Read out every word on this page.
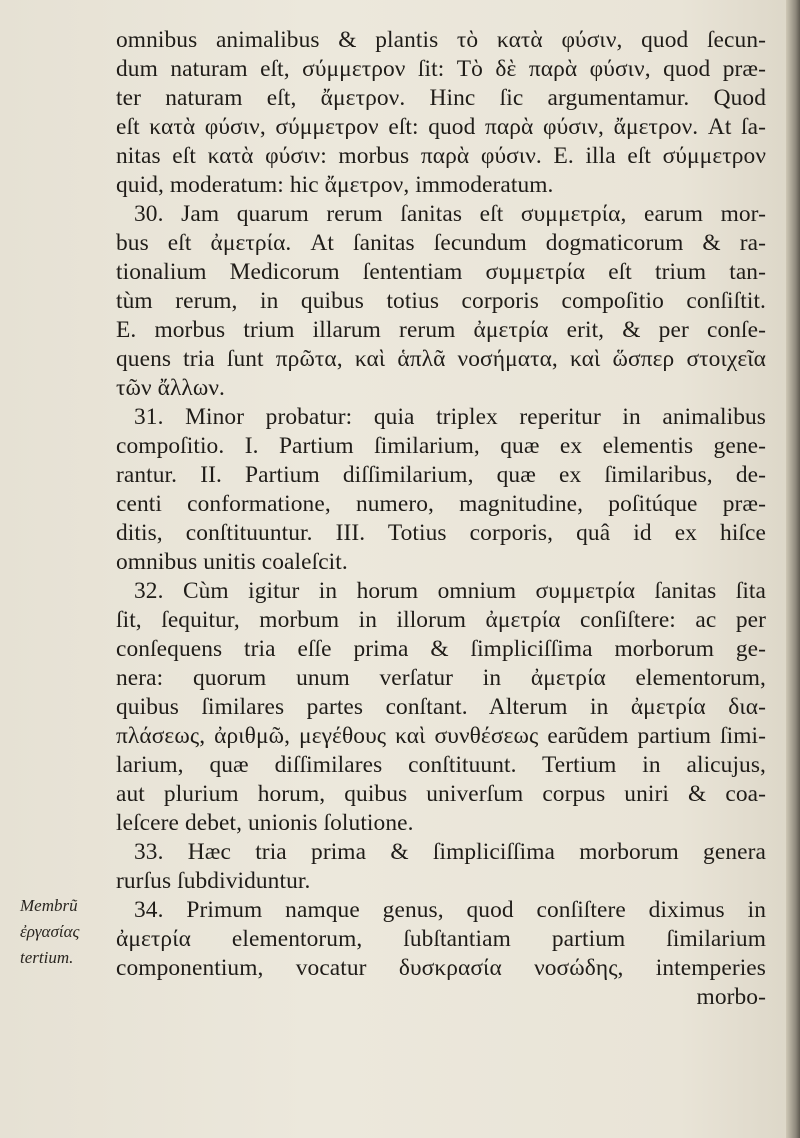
omnibus animalibus & plantis τὸ κατὰ φύσιν, quod ſecun-
dum naturam eſt, σύμμετρον ſit: Τὸ δὲ παρὰ φύσιν, quod præ-
ter naturam eſt, ἄμετρον. Hinc ſic argumentamur. Quod
eſt κατὰ φύσιν, σύμμετρον eſt: quod παρὰ φύσιν, ἄμετρον. At ſa-
nitas eſt κατὰ φύσιν: morbus παρὰ φύσιν. E. illa eſt σύμμετρον
quid, moderatum: hic ἄμετρον, immoderatum.
30. Jam quarum rerum ſanitas eſt συμμετρία, earum mor-
bus eſt ἀμετρία. At ſanitas ſecundum dogmaticorum & ra-
tionalium Medicorum ſententiam συμμετρία eſt trium tan-
tùm rerum, in quibus totius corporis compoſitio conſiſtit.
E. morbus trium illarum rerum ἀμετρία erit, & per conſe-
quens tria ſunt πρῶτα, καὶ ἁπλᾶ νοσήματα, καὶ ὥσπερ στοιχεῖα
τῶν ἄλλων.
31. Minor probatur: quia triplex reperitur in animalibus
compoſitio. I. Partium ſimilarium, quæ ex elementis gene-
rantur. II. Partium diſſimilarium, quæ ex ſimilaribus, de-
centi conformatione, numero, magnitudine, poſitúque præ-
ditis, conſtituuntur. III. Totius corporis, quâ id ex hiſce
omnibus unitis coaleſcit.
32. Cùm igitur in horum omnium συμμετρία ſanitas ſita
ſit, ſequitur, morbum in illorum ἀμετρία conſiſtere: ac per
conſequens tria eſſe prima & ſimpliciſſima morborum ge-
nera: quorum unum verſatur in ἀμετρία elementorum,
quibus ſimilares partes conſtant. Alterum in ἀμετρία δια-
πλάσεως, ἀριθμῶ, μεγέθους καὶ συνθέσεως earũdem partium ſimi-
larium, quæ diſſimilares conſtituunt. Tertium in alicujus,
aut plurium horum, quibus univerſum corpus uniri & coa-
leſcere debet, unionis ſolutione.
33. Hæc tria prima & ſimpliciſſima morborum genera
rurſus ſubdividuntur.
34. Primum namque genus, quod conſiſtere diximus in
ἀμετρία elementorum, ſubſtantiam partium ſimilarium
componentium, vocatur δυσκρασία νοσώδης, intemperies
morbo-
Membrũ
ἐργασίας
tertium.
